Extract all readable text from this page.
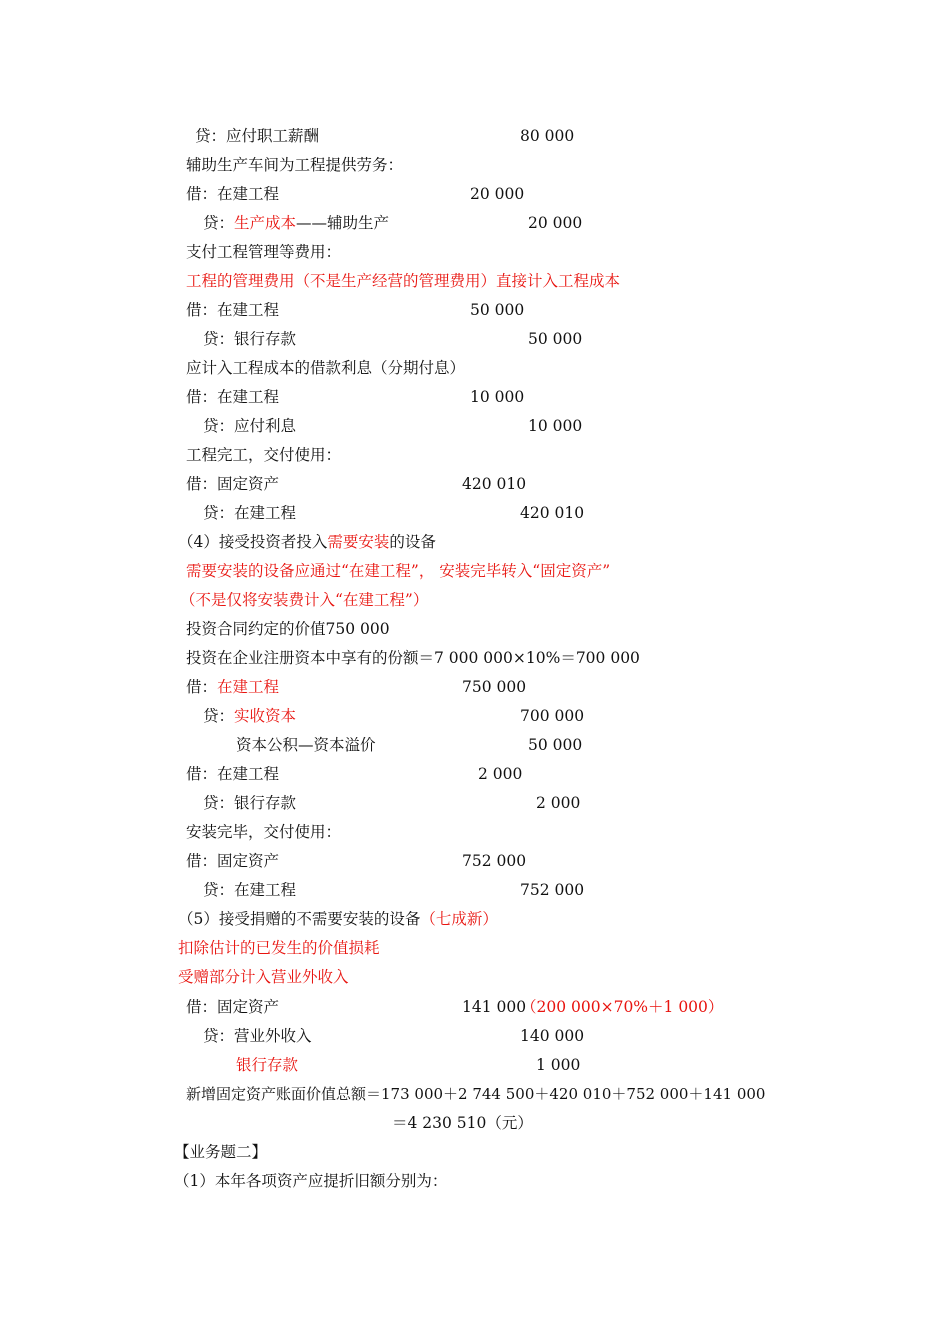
贷：应付职工薪酬	80 000
辅助生产车间为工程提供劳务：
借：在建工程	20 000
贷：生产成本——辅助生产	20 000
支付工程管理等费用：
工程的管理费用（不是生产经营的管理费用）直接计入工程成本
借：在建工程	50 000
贷：银行存款	50 000
应计入工程成本的借款利息（分期付息）
借：在建工程	10 000
贷：应付利息	10 000
工程完工，交付使用：
借：固定资产	420 010
贷：在建工程	420 010
（4）接受投资者投入需要安装的设备
需要安装的设备应通过“在建工程”， 安装完毕转入“固定资产”
（不是仅将安装费计入“在建工程”）
投资合同约定的价值750 000
投资在企业注册资本中享有的份额＝7 000 000×10%＝700 000
借：在建工程	750 000
贷：实收资本	700 000
资本公积—资本溢价	50 000
借：在建工程	2 000
贷：银行存款	2 000
安装完毕，交付使用：
借：固定资产	752 000
贷：在建工程	752 000
（5）接受捐赠的不需要安装的设备（七成新）
扣除估计的已发生的价值损耗
受赠部分计入营业外收入
借：固定资产	141 000
（200 000×70%＋1 000）
贷：营业外收入	140 000
银行存款	1 000
新增固定资产账面价值总额＝173 000＋2 744 500＋420 010＋752 000＋141 000
＝4 230 510（元）
【业务题二】
（1）本年各项资产应提折旧额分别为：
